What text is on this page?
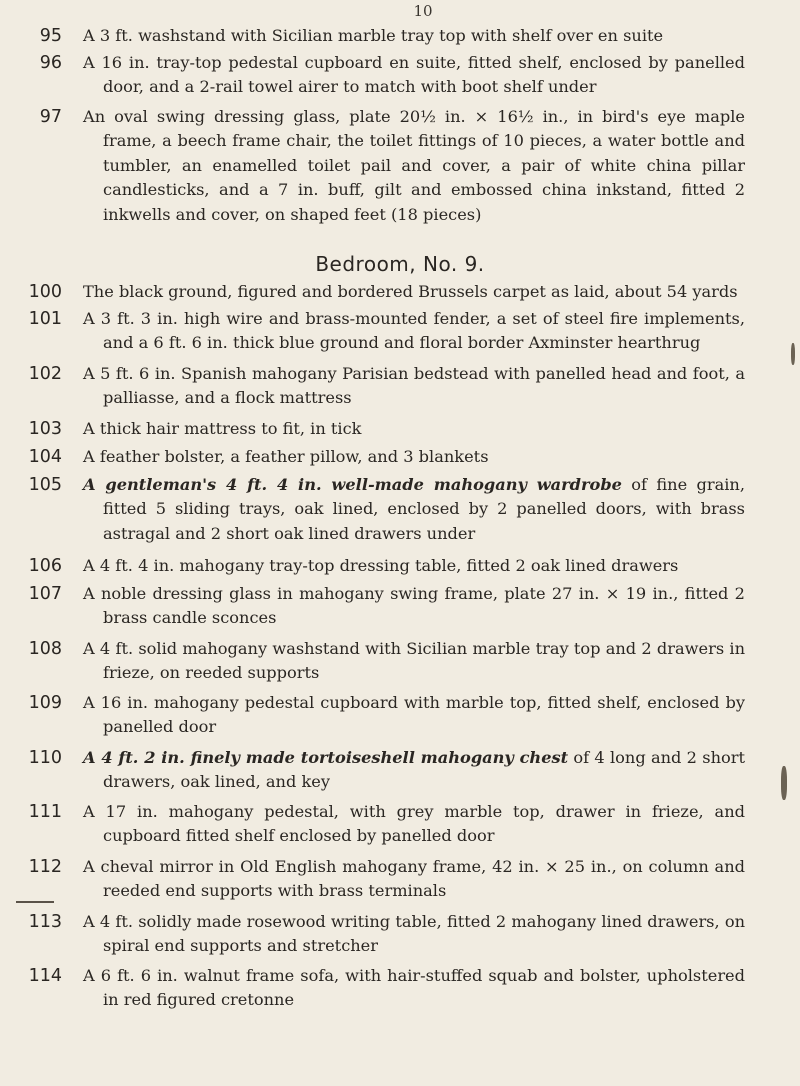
10
95 A 3 ft. washstand with Sicilian marble tray top with shelf over en suite
96 A 16 in. tray-top pedestal cupboard en suite, fitted shelf, enclosed by panelled door, and a 2-rail towel airer to match with boot shelf under
97 An oval swing dressing glass, plate 20½ in. × 16½ in., in bird's eye maple frame, a beech frame chair, the toilet fittings of 10 pieces, a water bottle and tumbler, an enamelled toilet pail and cover, a pair of white china pillar candlesticks, and a 7 in. buff, gilt and embossed china inkstand, fitted 2 inkwells and cover, on shaped feet (18 pieces)
Bedroom, No. 9.
100 The black ground, figured and bordered Brussels carpet as laid, about 54 yards
101 A 3 ft. 3 in. high wire and brass-mounted fender, a set of steel fire implements, and a 6 ft. 6 in. thick blue ground and floral border Axminster hearthrug
102 A 5 ft. 6 in. Spanish mahogany Parisian bedstead with panelled head and foot, a palliasse, and a flock mattress
103 A thick hair mattress to fit, in tick
104 A feather bolster, a feather pillow, and 3 blankets
105 A gentleman's 4 ft. 4 in. well-made mahogany wardrobe of fine grain, fitted 5 sliding trays, oak lined, enclosed by 2 panelled doors, with brass astragal and 2 short oak lined drawers under
106 A 4 ft. 4 in. mahogany tray-top dressing table, fitted 2 oak lined drawers
107 A noble dressing glass in mahogany swing frame, plate 27 in. × 19 in., fitted 2 brass candle sconces
108 A 4 ft. solid mahogany washstand with Sicilian marble tray top and 2 drawers in frieze, on reeded supports
109 A 16 in. mahogany pedestal cupboard with marble top, fitted shelf, enclosed by panelled door
110 A 4 ft. 2 in. finely made tortoiseshell mahogany chest of 4 long and 2 short drawers, oak lined, and key
111 A 17 in. mahogany pedestal, with grey marble top, drawer in frieze, and cupboard fitted shelf enclosed by panelled door
112 A cheval mirror in Old English mahogany frame, 42 in. × 25 in., on column and reeded end supports with brass terminals
113 A 4 ft. solidly made rosewood writing table, fitted 2 mahogany lined drawers, on spiral end supports and stretcher
114 A 6 ft. 6 in. walnut frame sofa, with hair-stuffed squab and bolster, upholstered in red figured cretonne
